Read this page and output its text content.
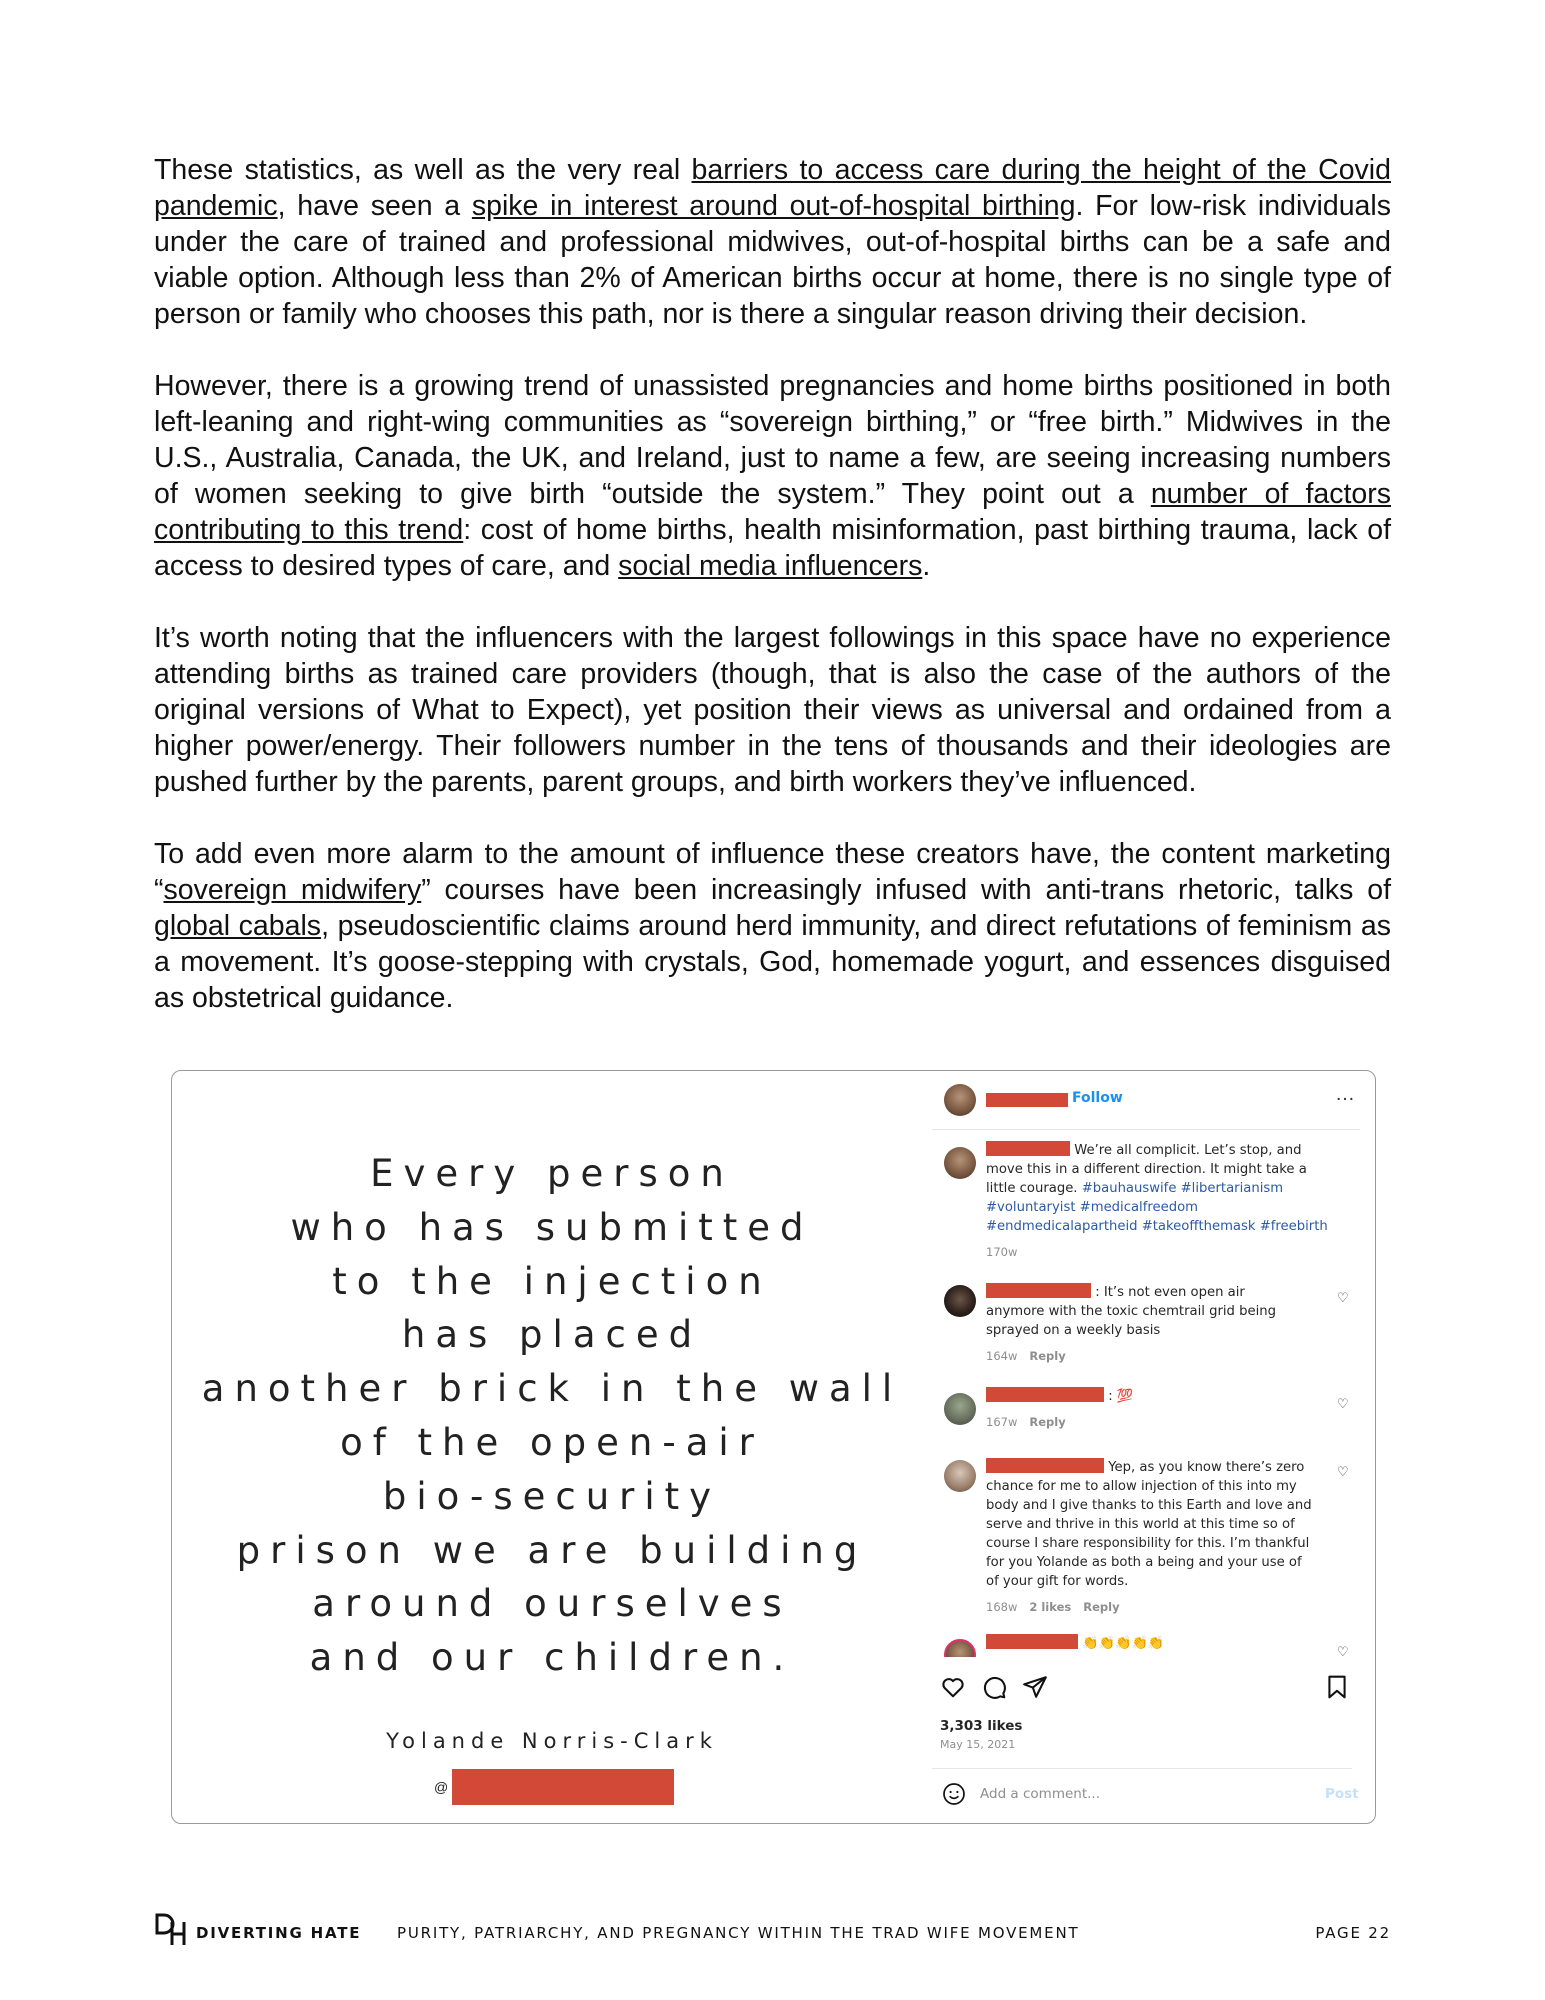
These statistics, as well as the very real barriers to access care during the height of the Covid pandemic, have seen a spike in interest around out-of-hospital birthing. For low-risk individuals under the care of trained and professional midwives, out-of-hospital births can be a safe and viable option. Although less than 2% of American births occur at home, there is no single type of person or family who chooses this path, nor is there a singular reason driving their decision.

However, there is a growing trend of unassisted pregnancies and home births positioned in both left-leaning and right-wing communities as “sovereign birthing,” or “free birth.” Midwives in the U.S., Australia, Canada, the UK, and Ireland, just to name a few, are seeing increasing numbers of women seeking to give birth “outside the system.” They point out a number of factors contributing to this trend: cost of home births, health misinformation, past birthing trauma, lack of access to desired types of care, and social media influencers.

It’s worth noting that the influencers with the largest followings in this space have no experience attending births as trained care providers (though, that is also the case of the authors of the original versions of What to Expect), yet position their views as universal and ordained from a higher power/energy. Their followers number in the tens of thousands and their ideologies are pushed further by the parents, parent groups, and birth workers they’ve influenced.

To add even more alarm to the amount of influence these creators have, the content marketing “sovereign midwifery” courses have been increasingly infused with anti-trans rhetoric, talks of global cabals, pseudoscientific claims around herd immunity, and direct refutations of feminism as a movement. It’s goose-stepping with crystals, God, homemade yogurt, and essences disguised as obstetrical guidance.

Every person
who has submitted
to the injection
has placed
another brick in the wall
of the open-air
bio-security
prison we are building
around ourselves
and our children.
Yolande Norris-Clark
@
Follow	…
We’re all complicit. Let’s stop, and move this in a different direction. It might take a little courage. #bauhauswife #libertarianism #voluntaryist #medicalfreedom #endmedicalapartheid #takeoffthemask #freebirth
170w
: It’s not even open air anymore with the toxic chemtrail grid being sprayed on a weekly basis
164w Reply
♡
: 💯
167w Reply
♡
Yep, as you know there’s zero chance for me to allow injection of this into my body and I give thanks to this Earth and love and serve and thrive in this world at this time so of course I share responsibility for this. I’m thankful for you Yolande as both a being and your use of of your gift for words.
168w 2 likes Reply
♡
👏👏👏👏👏
♡
3,303 likes
May 15, 2021
Add a comment...	Post
DIVERTING HATE PURITY, PATRIARCHY, AND PREGNANCY WITHIN THE TRAD WIFE MOVEMENT	PAGE 22
